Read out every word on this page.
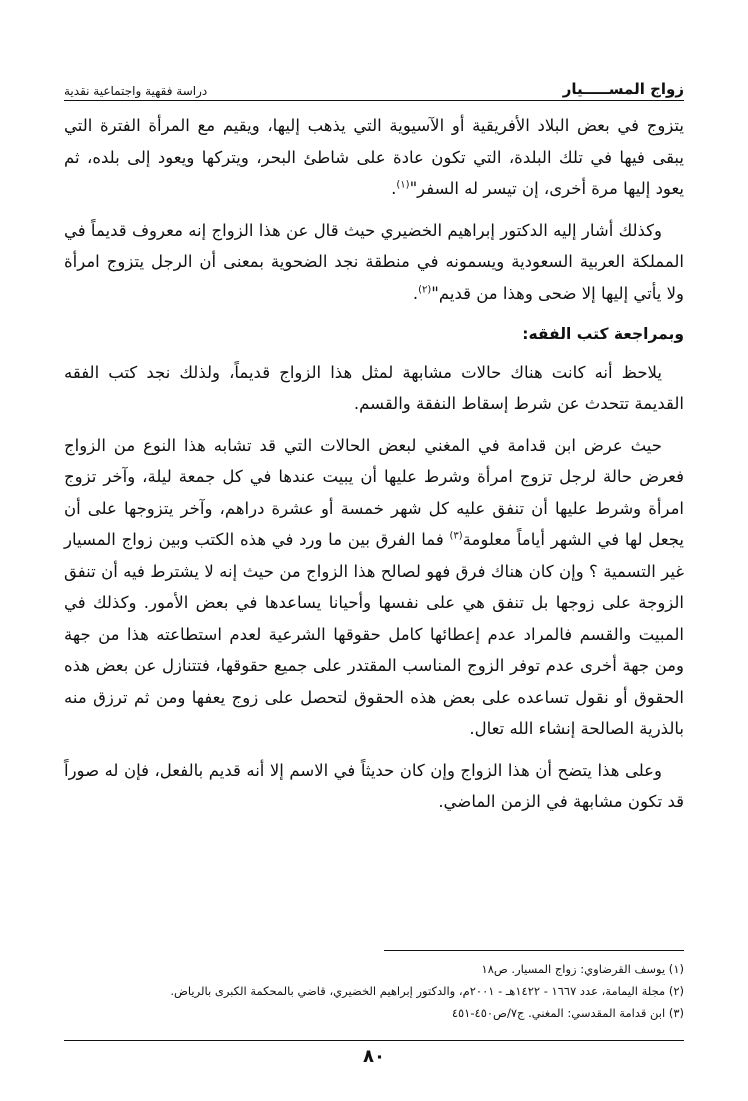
زواج المســـــيار
دراسة فقهية واجتماعية نقدية

يتزوج في بعض البلاد الأفريقية أو الآسيوية التي يذهب إليها، ويقيم مع المرأة الفترة التي يبقى فيها في تلك البلدة، التي تكون عادة على شاطئ البحر، ويتركها ويعود إلى بلده، ثم يعود إليها مرة أخرى، إن تيسر له السفر"$^{(١)}$.

وكذلك أشار إليه الدكتور إبراهيم الخضيري حيث قال عن هذا الزواج إنه معروف قديماً في المملكة العربية السعودية ويسمونه في منطقة نجد الضحوية بمعنى أن الرجل يتزوج امرأة ولا يأتي إليها إلا ضحى وهذا من قديم"$^{(٢)}$.

وبمراجعة كتب الفقه:

يلاحظ أنه كانت هناك حالات مشابهة لمثل هذا الزواج قديماً، ولذلك نجد كتب الفقه القديمة تتحدث عن شرط إسقاط النفقة والقسم.

حيث عرض ابن قدامة في المغني لبعض الحالات التي قد تشابه هذا النوع من الزواج فعرض حالة لرجل تزوج امرأة وشرط عليها أن يبيت عندها في كل جمعة ليلة، وآخر تزوج امرأة وشرط عليها أن تنفق عليه كل شهر خمسة أو عشرة دراهم، وآخر يتزوجها على أن يجعل لها في الشهر أياماً معلومة$^{(٣)}$ فما الفرق بين ما ورد في هذه الكتب وبين زواج المسيار غير التسمية ؟ وإن كان هناك فرق فهو لصالح هذا الزواج من حيث إنه لا يشترط فيه أن تنفق الزوجة على زوجها بل تنفق هي على نفسها وأحيانا يساعدها في بعض الأمور. وكذلك في المبيت والقسم فالمراد عدم إعطائها كامل حقوقها الشرعية لعدم استطاعته هذا من جهة ومن جهة أخرى عدم توفر الزوج المناسب المقتدر على جميع حقوقها، فتتنازل عن بعض هذه الحقوق أو نقول تساعده على بعض هذه الحقوق لتحصل على زوج يعفها ومن ثم ترزق منه بالذرية الصالحة إنشاء الله تعال.

وعلى هذا يتضح أن هذا الزواج وإن كان حديثاً في الاسم إلا أنه قديم بالفعل، فإن له صوراً قد تكون مشابهة في الزمن الماضي.

(١) يوسف القرضاوي: زواج المسيار. ص١٨
(٢) مجلة اليمامة، عدد ١٦٦٧ - ١٤٢٢هـ - ٢٠٠١م، والدكتور إبراهيم الخضيري، قاضي بالمحكمة الكبرى بالرياض.
(٣) ابن قدامة المقدسي: المغني. ج٧/ص٤٥٠-٤٥١
٨٠
